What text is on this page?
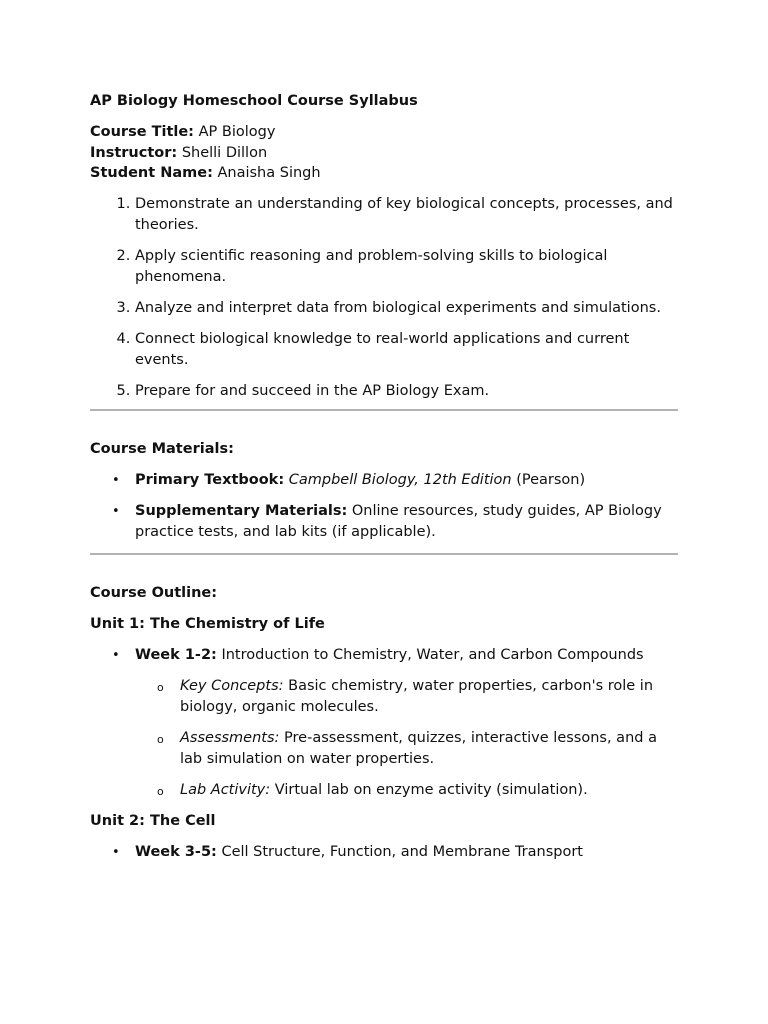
AP Biology Homeschool Course Syllabus

Course Title: AP Biology

Instructor: Shelli Dillon

Student Name: Anaisha Singh

1. Demonstrate an understanding of key biological concepts, processes, and theories.
2. Apply scientific reasoning and problem-solving skills to biological phenomena.
3. Analyze and interpret data from biological experiments and simulations.
4. Connect biological knowledge to real-world applications and current events.
5. Prepare for and succeed in the AP Biology Exam.

Course Materials:

• Primary Textbook: Campbell Biology, 12th Edition (Pearson)
• Supplementary Materials: Online resources, study guides, AP Biology practice tests, and lab kits (if applicable).

Course Outline:

Unit 1: The Chemistry of Life

• Week 1-2: Introduction to Chemistry, Water, and Carbon Compounds
o Key Concepts: Basic chemistry, water properties, carbon's role in biology, organic molecules.
o Assessments: Pre-assessment, quizzes, interactive lessons, and a lab simulation on water properties.
o Lab Activity: Virtual lab on enzyme activity (simulation).

Unit 2: The Cell

• Week 3-5: Cell Structure, Function, and Membrane Transport
